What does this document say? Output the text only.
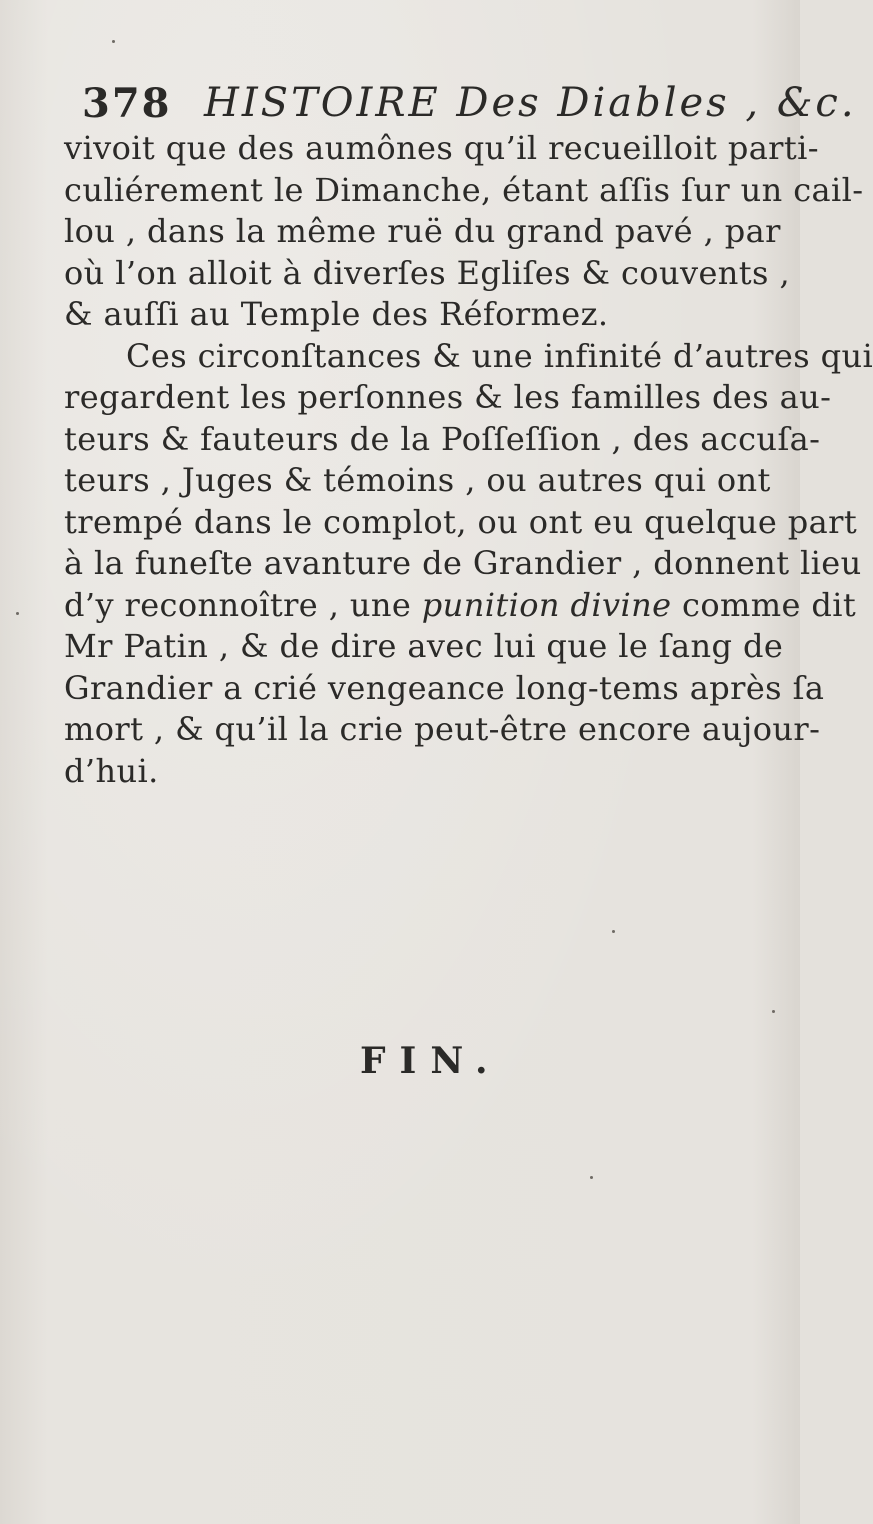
378 HISTOIRE Des Diables , &c.
vivoit que des aumônes qu’il recueilloit parti-
culiérement le Dimanche, étant aſſis ſur un cail-
lou , dans la même ruë du grand pavé , par
où l’on alloit à diverſes Egliſes & couvents ,
& auſſi au Temple des Réformez.
Ces circonſtances & une infinité d’autres qui
regardent les perſonnes & les familles des au-
teurs & fauteurs de la Poſſeſſion , des accuſa-
teurs , Juges & témoins , ou autres qui ont
trempé dans le complot, ou ont eu quelque part
à la funeſte avanture de Grandier , donnent lieu
d’y reconnoître , une punition divine comme dit
Mr Patin , & de dire avec lui que le ſang de
Grandier a crié vengeance long-tems après ſa
mort , & qu’il la crie peut-être encore aujour-
d’hui.
FIN.
